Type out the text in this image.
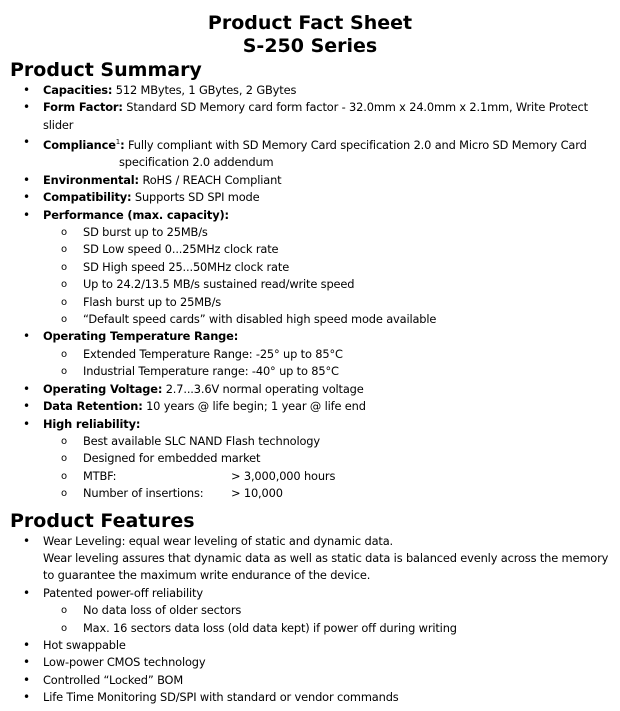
Product Fact Sheet

S-250 Series

Product Summary
• Capacities: 512 MBytes, 1 GBytes, 2 GBytes
• Form Factor: Standard SD Memory card form factor - 32.0mm x 24.0mm x 2.1mm, Write Protect slider
• Compliance$^1$: Fully compliant with SD Memory Card specification 2.0 and Micro SD Memory Card
specification 2.0 addendum
• Environmental: RoHS / REACH Compliant
• Compatibility: Supports SD SPI mode
• Performance (max. capacity):
o SD burst up to 25MB/s
o SD Low speed 0...25MHz clock rate
o SD High speed 25...50MHz clock rate
o Up to 24.2/13.5 MB/s sustained read/write speed
o Flash burst up to 25MB/s
o “Default speed cards” with disabled high speed mode available
• Operating Temperature Range:
o Extended Temperature Range: -25° up to 85°C
o Industrial Temperature range: -40° up to 85°C
• Operating Voltage: 2.7...3.6V normal operating voltage
• Data Retention: 10 years @ life begin; 1 year @ life end
• High reliability:
o Best available SLC NAND Flash technology
o Designed for embedded market
o MTBF:	> 3,000,000 hours
o Number of insertions: > 10,000
Product Features
• Wear Leveling: equal wear leveling of static and dynamic data.
Wear leveling assures that dynamic data as well as static data is balanced evenly across the memory
to guarantee the maximum write endurance of the device.
• Patented power-off reliability
o No data loss of older sectors
o Max. 16 sectors data loss (old data kept) if power off during writing
• Hot swappable
• Low-power CMOS technology
• Controlled “Locked” BOM
• Life Time Monitoring SD/SPI with standard or vendor commands
